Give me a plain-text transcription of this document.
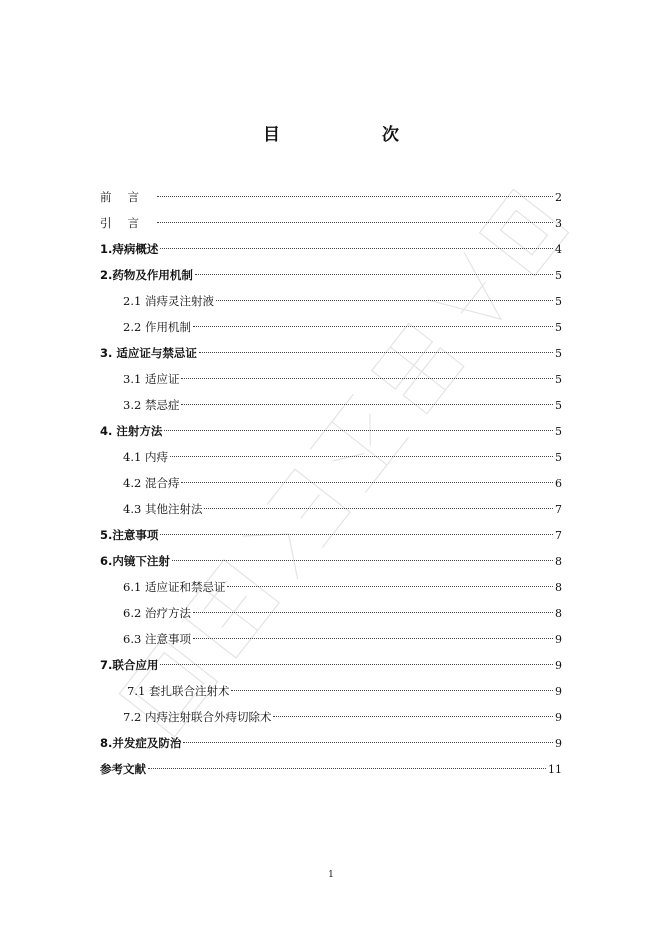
目 次
前言	2
引言	3
1.痔病概述	4
2.药物及作用机制	5
2.1 消痔灵注射液	5
2.2 作用机制	5
3. 适应证与禁忌证	5
3.1 适应证	5
3.2 禁忌症	5
4. 注射方法	5
4.1 内痔	5
4.2 混合痔	6
4.3 其他注射法	7
5.注意事项	7
6.内镜下注射	8
6.1 适应证和禁忌证	8
6.2 治疗方法	8
6.3 注意事项	9
7.联合应用	9
7.1 套扎联合注射术	9
7.2 内痔注射联合外痔切除术	9
8.并发症及防治	9
参考文献	11
1
